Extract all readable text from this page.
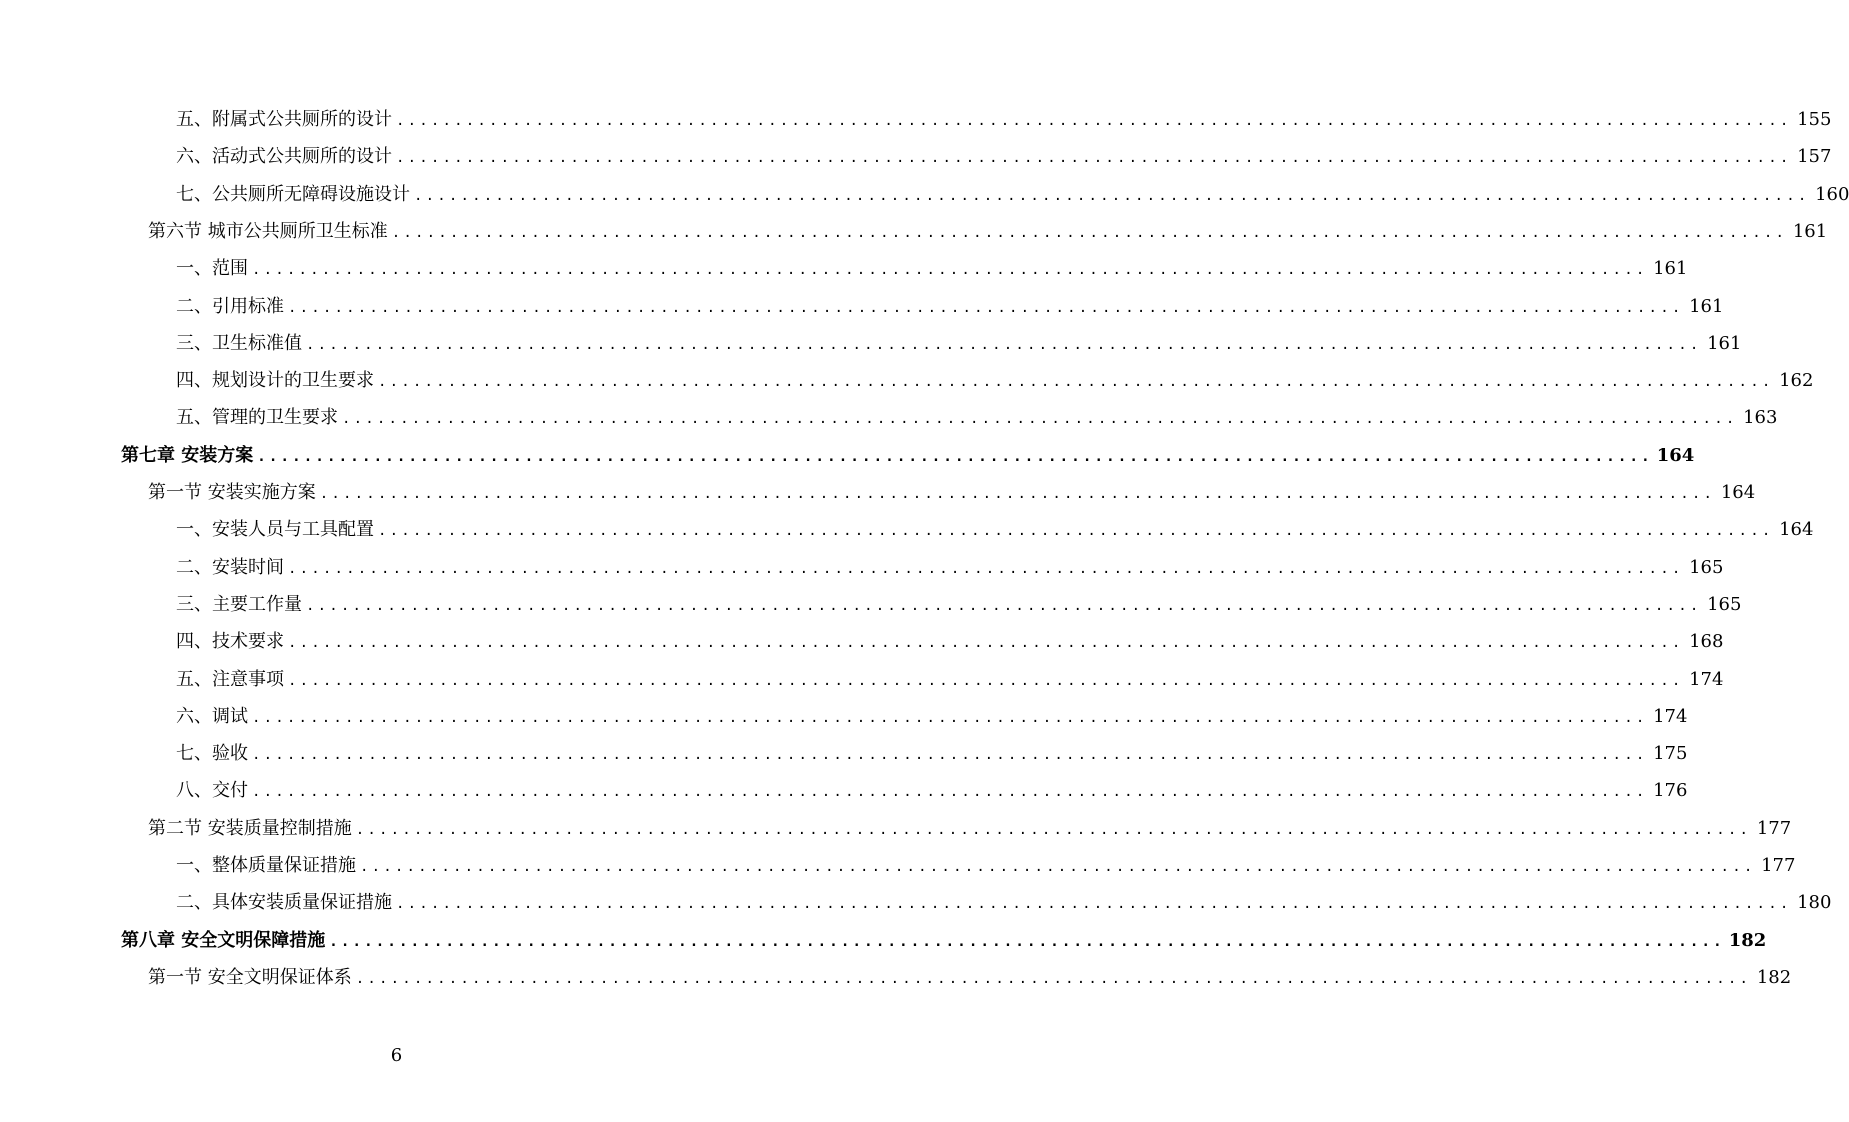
五、附属式公共厕所的设计 ........................................................................................................................ 155
六、活动式公共厕所的设计 ........................................................................................................................ 157
七、公共厕所无障碍设施设计 ........................................................................................................................ 160
第六节 城市公共厕所卫生标准 ........................................................................................................................ 161
一、范围 ........................................................................................................................ 161
二、引用标准 ........................................................................................................................ 161
三、卫生标准值 ........................................................................................................................ 161
四、规划设计的卫生要求 ........................................................................................................................ 162
五、管理的卫生要求 ........................................................................................................................ 163
第七章 安装方案 ........................................................................................................................ 164
第一节 安装实施方案 ........................................................................................................................ 164
一、安装人员与工具配置 ........................................................................................................................ 164
二、安装时间 ........................................................................................................................ 165
三、主要工作量 ........................................................................................................................ 165
四、技术要求 ........................................................................................................................ 168
五、注意事项 ........................................................................................................................ 174
六、调试 ........................................................................................................................ 174
七、验收 ........................................................................................................................ 175
八、交付 ........................................................................................................................ 176
第二节 安装质量控制措施 ........................................................................................................................ 177
一、整体质量保证措施 ........................................................................................................................ 177
二、具体安装质量保证措施 ........................................................................................................................ 180
第八章 安全文明保障措施 ........................................................................................................................ 182
第一节 安全文明保证体系 ........................................................................................................................ 182
6
